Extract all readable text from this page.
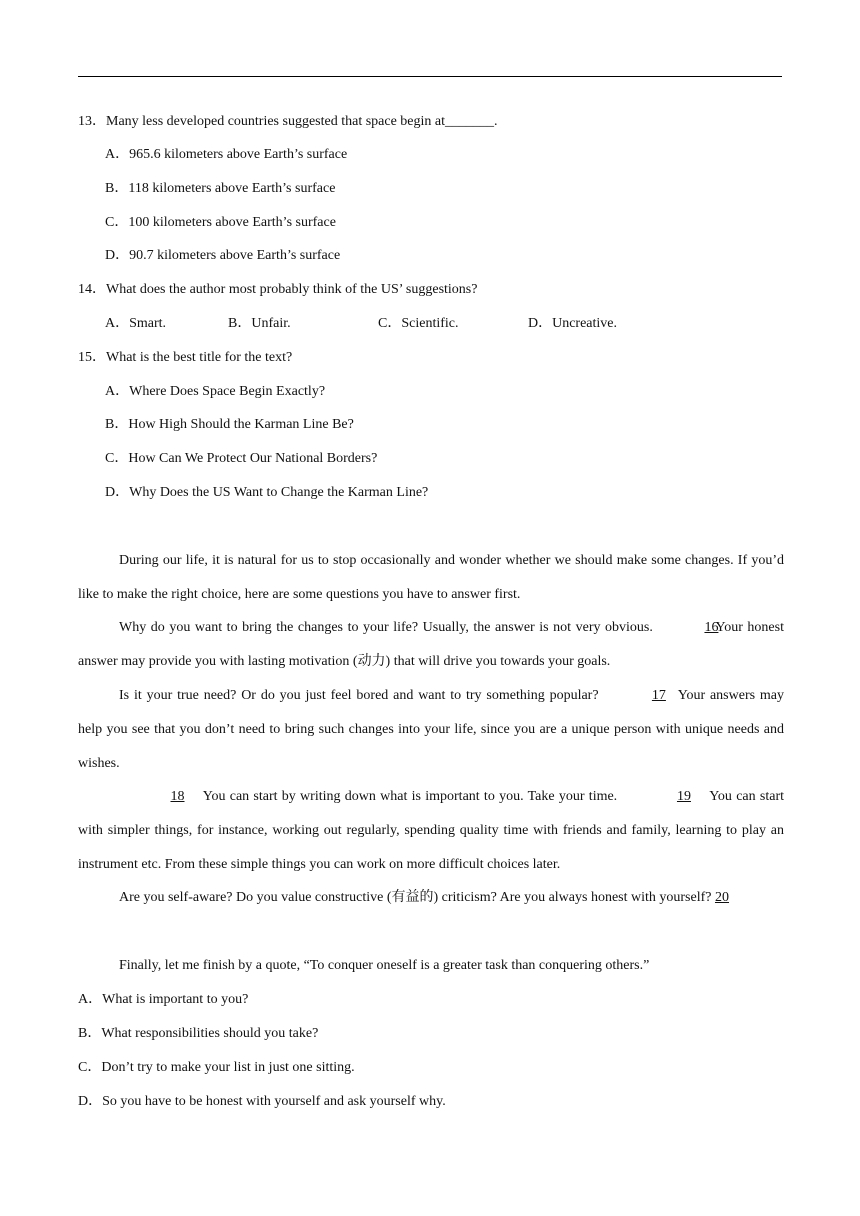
13．Many less developed countries suggested that space begin at_______.
A．965.6 kilometers above Earth’s surface
B．118 kilometers above Earth’s surface
C．100 kilometers above Earth’s surface
D．90.7 kilometers above Earth’s surface
14．What does the author most probably think of the US’ suggestions?
A．Smart.	B．Unfair.	C．Scientific.	D．Uncreative.
15．What is the best title for the text?
A．Where Does Space Begin Exactly?
B．How High Should the Karman Line Be?
C．How Can We Protect Our National Borders?
D．Why Does the US Want to Change the Karman Line?
During our life, it is natural for us to stop occasionally and wonder whether we should make some changes. If you’d like to make the right choice, here are some questions you have to answer first.
Why do you want to bring the changes to your life? Usually, the answer is not very obvious.	16 Your honest answer may provide you with lasting motivation (动力) that will drive you towards your goals.
Is it your true need? Or do you just feel bored and want to try something popular?	17 Your answers may help you see that you don’t need to bring such changes into your life, since you are a unique person with unique needs and wishes.
18 You can start by writing down what is important to you. Take your time.	19 You can start with simpler things, for instance, working out regularly, spending quality time with friends and family, learning to play an instrument etc. From these simple things you can work on more difficult choices later.
Are you self-aware? Do you value constructive (有益的) criticism? Are you always honest with yourself? 20
Finally, let me finish by a quote, “To conquer oneself is a greater task than conquering others.”
A．What is important to you?
B．What responsibilities should you take?
C．Don’t try to make your list in just one sitting.
D．So you have to be honest with yourself and ask yourself why.
